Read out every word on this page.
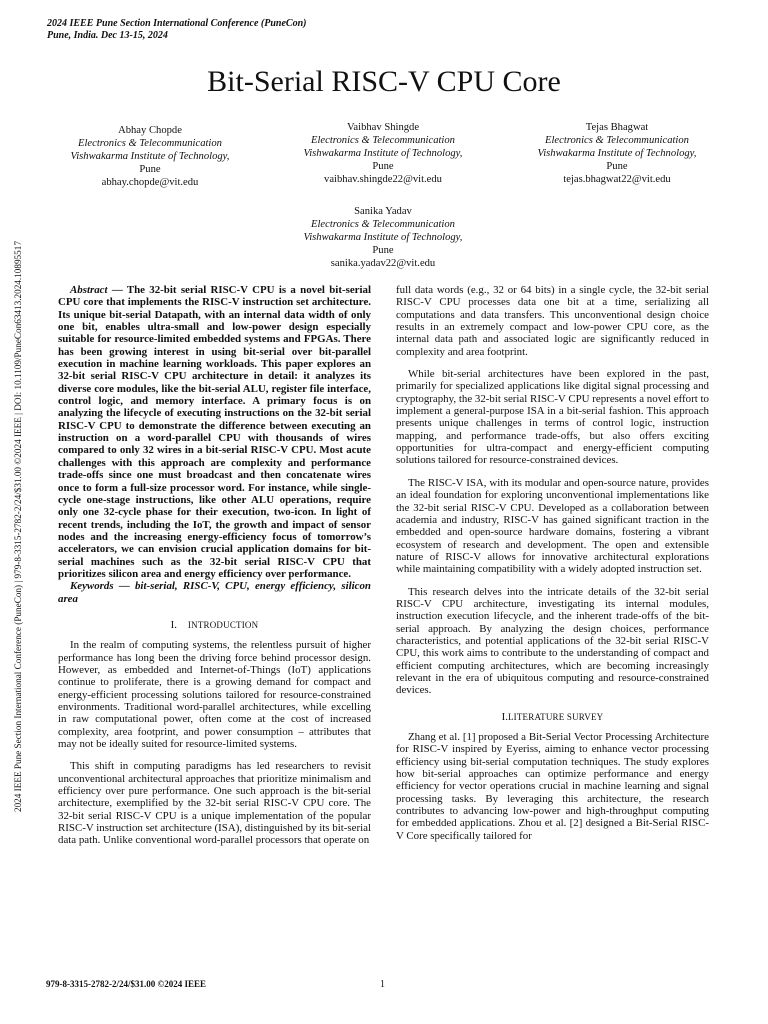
2024 IEEE Pune Section International Conference (PuneCon)
Pune, India. Dec 13-15, 2024
Bit-Serial RISC-V CPU Core
Abhay Chopde
Electronics & Telecommunication
Vishwakarma Institute of Technology,
Pune
abhay.chopde@vit.edu
Vaibhav Shingde
Electronics & Telecommunication
Vishwakarma Institute of Technology,
Pune
vaibhav.shingde22@vit.edu
Tejas Bhagwat
Electronics & Telecommunication
Vishwakarma Institute of Technology,
Pune
tejas.bhagwat22@vit.edu
Sanika Yadav
Electronics & Telecommunication
Vishwakarma Institute of Technology,
Pune
sanika.yadav22@vit.edu
2024 IEEE Pune Section International Conference (PuneCon) | 979-8-3315-2782-2/24/$31.00 ©2024 IEEE | DOI: 10.1109/PuneCon63413.2024.10895517	Abstract — The 32-bit serial RISC-V CPU is a novel bit-serial CPU core that implements the RISC-V instruction set architecture. Its unique bit-serial Datapath, with an internal data width of only one bit, enables ultra-small and low-power design especially suitable for resource-limited embedded systems and FPGAs. There has been growing interest in using bit-serial over bit-parallel execution in machine learning workloads. This paper explores an 32-bit serial RISC-V CPU architecture in detail: it analyzes its diverse core modules, like the bit-serial ALU, register file interface, control logic, and memory interface. A primary focus is on analyzing the lifecycle of executing instructions on the 32-bit serial RISC-V CPU to demonstrate the difference between executing an instruction on a word-parallel CPU with thousands of wires compared to only 32 wires in a bit-serial RISC-V CPU. Most acute challenges with this approach are complexity and performance trade-offs since one must broadcast and then concatenate wires once to form a full-size processor word. For instance, while single-cycle one-stage instructions, like other ALU operations, require only one 32-cycle phase for their execution, two-icon. In light of recent trends, including the IoT, the growth and impact of sensor nodes and the increasing energy-efficiency focus of tomorrow’s accelerators, we can envision crucial application domains for bit-serial machines such as the 32-bit serial RISC-V CPU that prioritizes silicon area and energy efficiency over performance.

Keywords — bit-serial, RISC-V, CPU, energy efficiency, silicon area

I. INTRODUCTION

In the realm of computing systems, the relentless pursuit of higher performance has long been the driving force behind processor design. However, as embedded and Internet-of-Things (IoT) applications continue to proliferate, there is a growing demand for compact and energy-efficient processing solutions tailored for resource-constrained environments. Traditional word-parallel architectures, while excelling in raw computational power, often come at the cost of increased complexity, area footprint, and power consumption – attributes that may not be ideally suited for resource-limited systems.

This shift in computing paradigms has led researchers to revisit unconventional architectural approaches that prioritize minimalism and efficiency over pure performance. One such approach is the bit-serial architecture, exemplified by the 32-bit serial RISC-V CPU core. The 32-bit serial RISC-V CPU is a unique implementation of the popular RISC-V instruction set architecture (ISA), distinguished by its bit-serial data path. Unlike conventional word-parallel processors that operate on

full data words (e.g., 32 or 64 bits) in a single cycle, the 32-bit serial RISC-V CPU processes data one bit at a time, serializing all computations and data transfers. This unconventional design choice results in an extremely compact and low-power CPU core, as the internal data path and associated logic are significantly reduced in complexity and area footprint.

While bit-serial architectures have been explored in the past, primarily for specialized applications like digital signal processing and cryptography, the 32-bit serial RISC-V CPU represents a novel effort to implement a general-purpose ISA in a bit-serial fashion. This approach presents unique challenges in terms of control logic, instruction mapping, and performance trade-offs, but also offers exciting opportunities for ultra-compact and energy-efficient computing solutions tailored for resource-constrained devices.

The RISC-V ISA, with its modular and open-source nature, provides an ideal foundation for exploring unconventional implementations like the 32-bit serial RISC-V CPU. Developed as a collaboration between academia and industry, RISC-V has gained significant traction in the embedded and open-source hardware domains, fostering a vibrant ecosystem of research and development. The open and extensible nature of RISC-V allows for innovative architectural explorations while maintaining compatibility with a widely adopted instruction set.

This research delves into the intricate details of the 32-bit serial RISC-V CPU architecture, investigating its internal modules, instruction execution lifecycle, and the inherent trade-offs of the bit-serial approach. By analyzing the design choices, performance characteristics, and potential applications of the 32-bit serial RISC-V CPU, this work aims to contribute to the understanding of compact and efficient computing architectures, which are becoming increasingly relevant in the era of ubiquitous computing and resource-constrained devices.

I.LITERATURE SURVEY

Zhang et al. [1] proposed a Bit-Serial Vector Processing Architecture for RISC-V inspired by Eyeriss, aiming to enhance vector processing efficiency using bit-serial computation techniques. The study explores how bit-serial approaches can optimize performance and energy efficiency for vector operations crucial in machine learning and signal processing tasks. By leveraging this architecture, the research contributes to advancing low-power and high-throughput computing for embedded applications. Zhou et al. [2] designed a Bit-Serial RISC-V Core specifically tailored for

979-8-3315-2782-2/24/$31.00 ©2024 IEEE	1
